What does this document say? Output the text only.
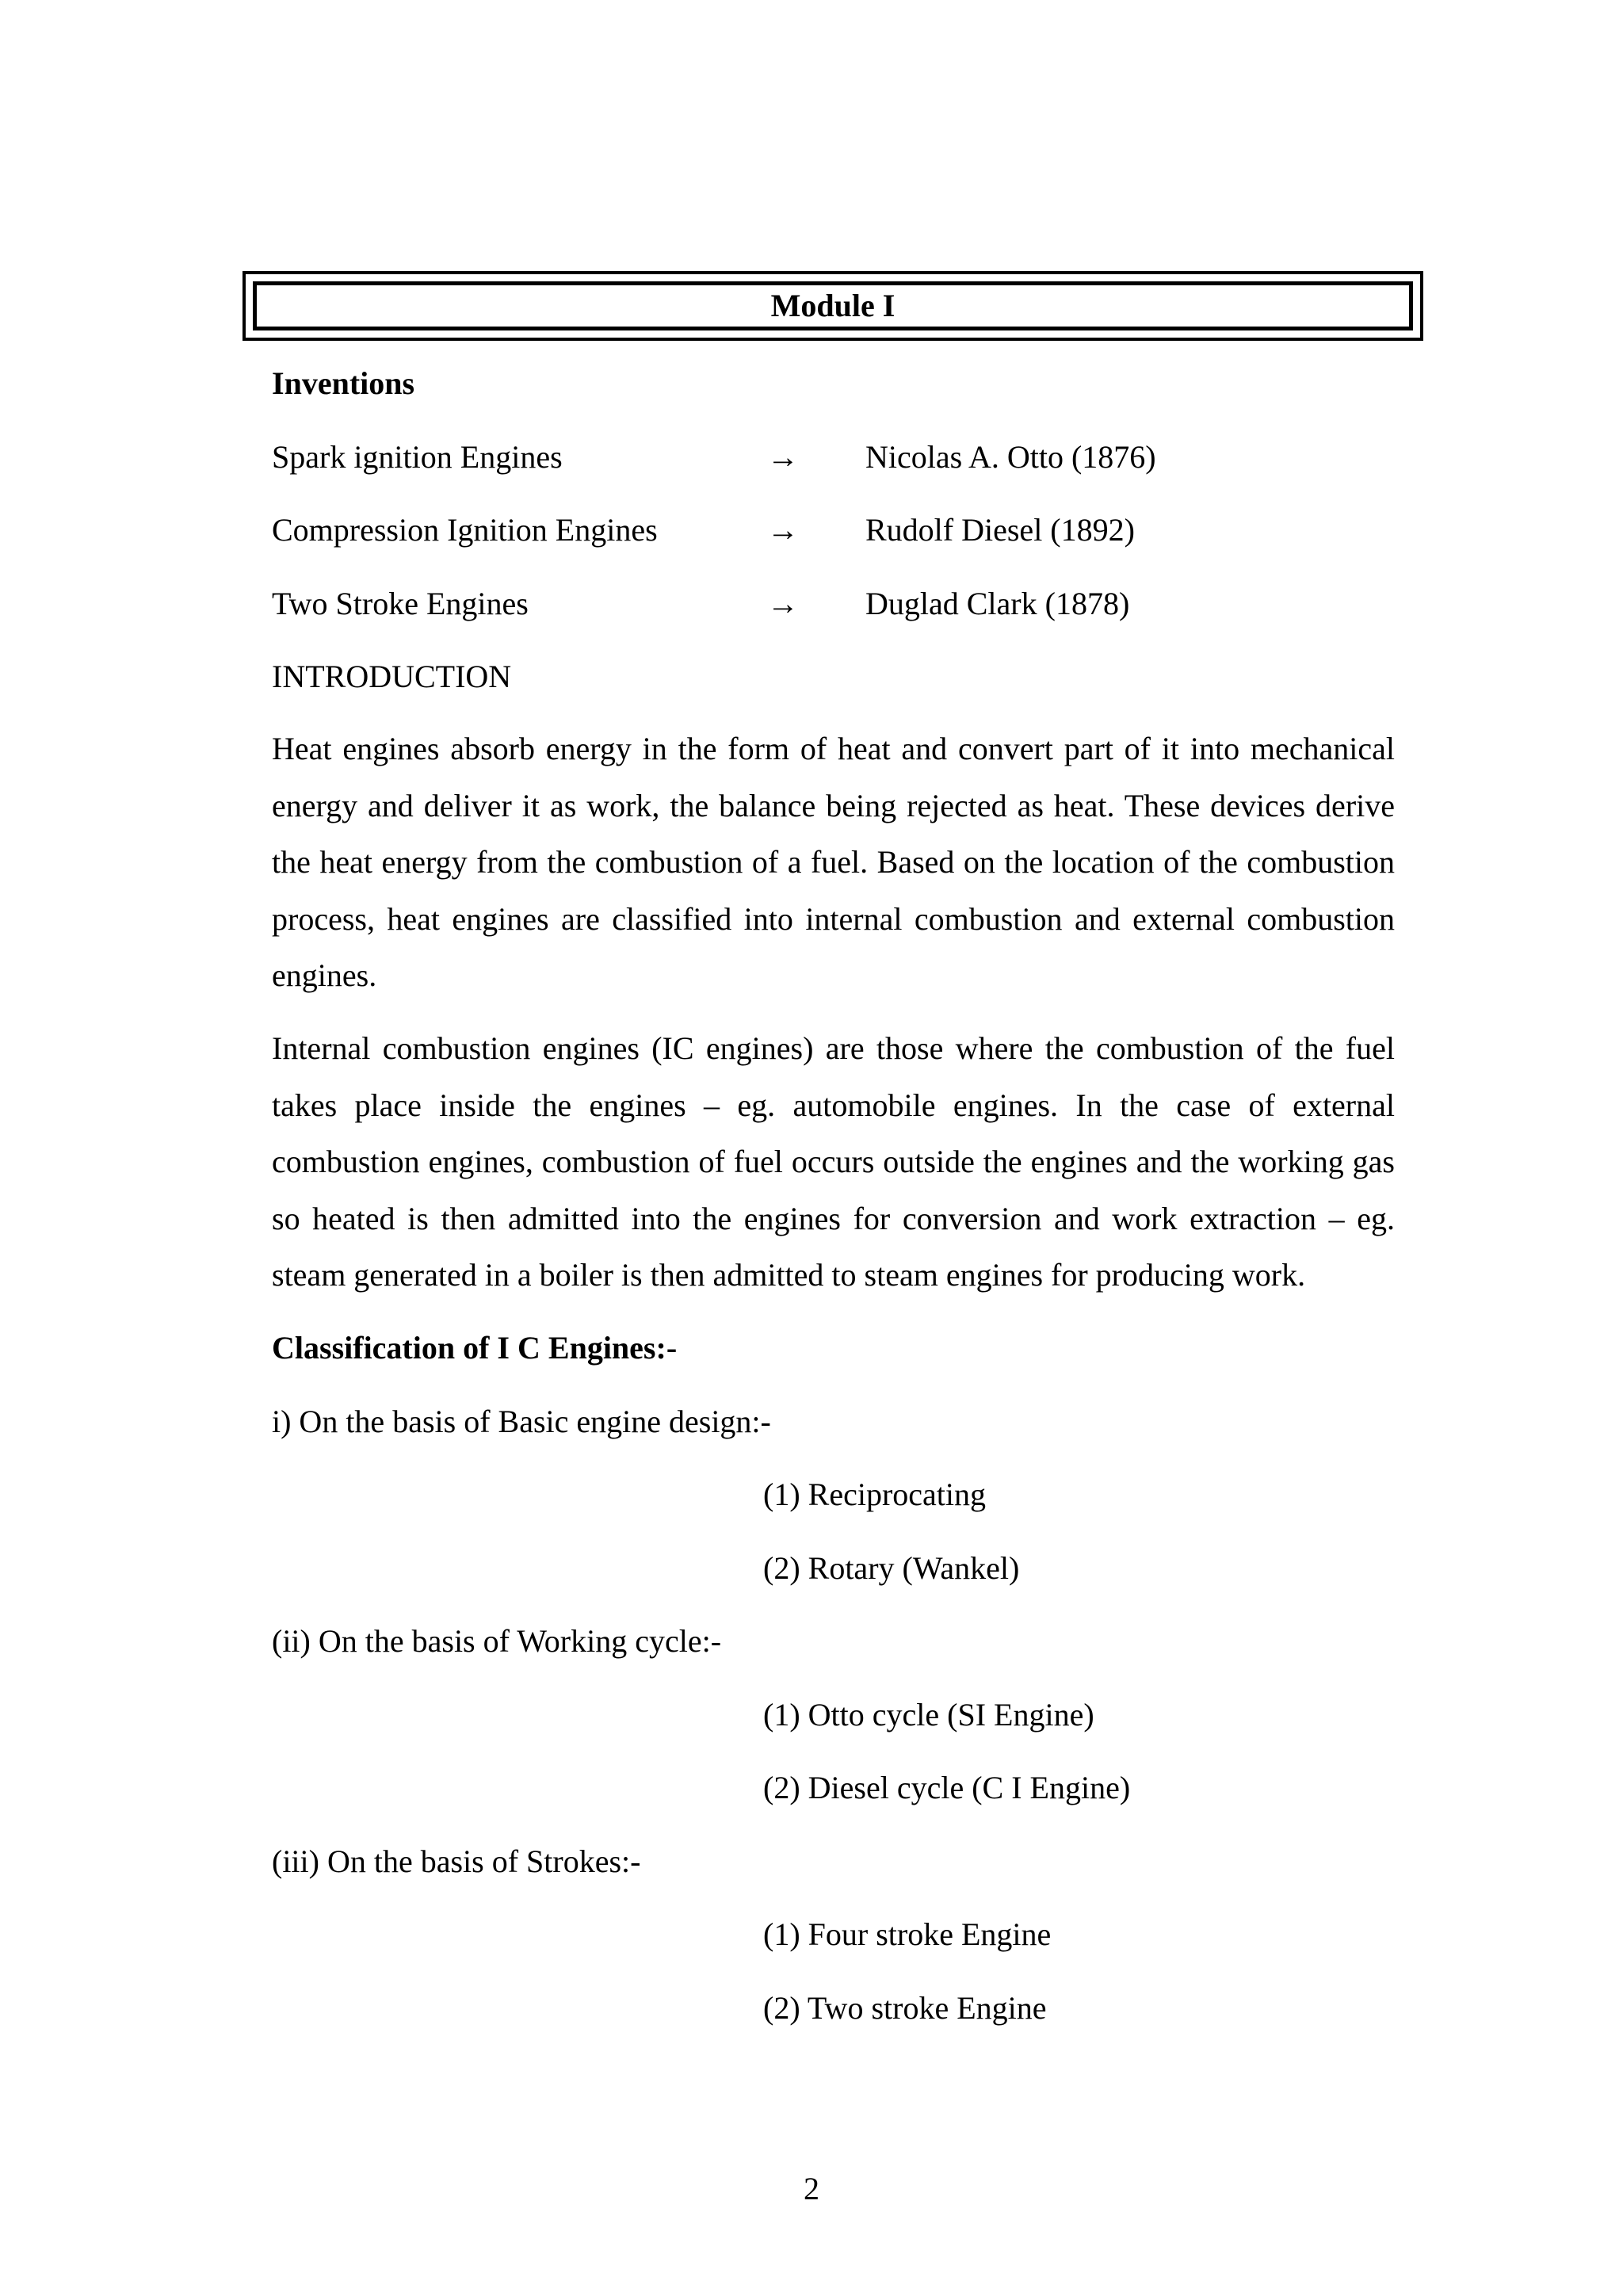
Module I
Inventions
Spark ignition Engines	→ Nicolas A. Otto (1876)
Compression Ignition Engines	→ Rudolf Diesel (1892)
Two Stroke Engines	→ Duglad Clark (1878)
INTRODUCTION
Heat engines absorb energy in the form of heat and convert part of it into mechanical energy and deliver it as work, the balance being rejected as heat. These devices derive the heat energy from the combustion of a fuel. Based on the location of the combustion process, heat engines are classified into internal combustion and external combustion engines.
Internal combustion engines (IC engines) are those where the combustion of the fuel takes place inside the engines – eg. automobile engines. In the case of external combustion engines, combustion of fuel occurs outside the engines and the working gas so heated is then admitted into the engines for conversion and work extraction – eg. steam generated in a boiler is then admitted to steam engines for producing work.
Classification of I C Engines:-
i) On the basis of Basic engine design:-
(1) Reciprocating
(2) Rotary (Wankel)
(ii) On the basis of Working cycle:-
(1) Otto cycle (SI Engine)
(2) Diesel cycle (C I Engine)
(iii) On the basis of Strokes:-
(1) Four stroke Engine
(2) Two stroke Engine
2
